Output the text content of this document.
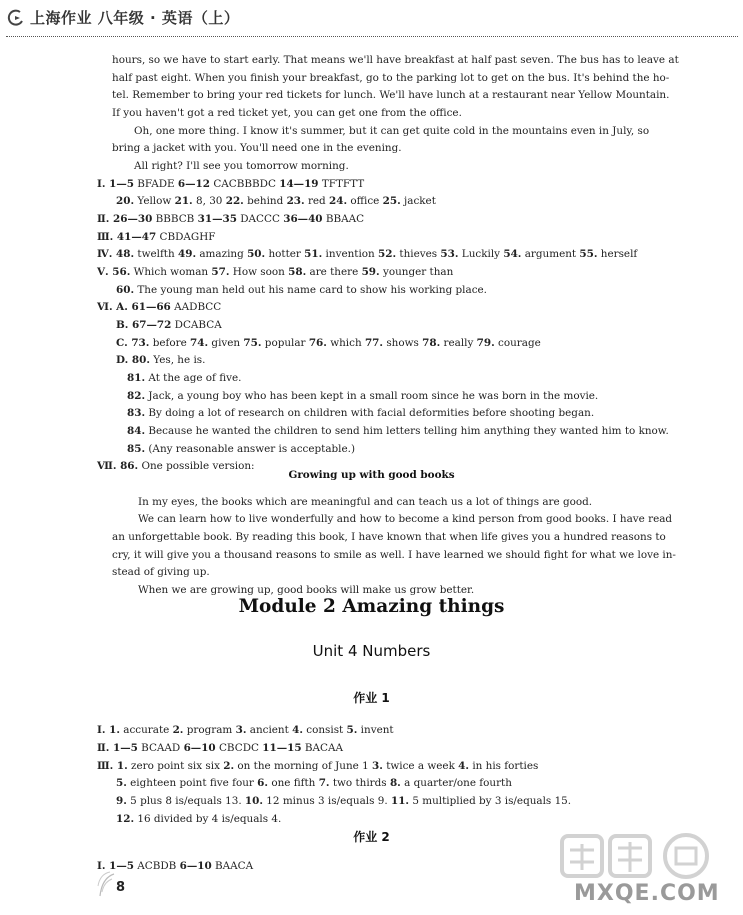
上海作业 八年级 · 英语（上）
hours, so we have to start early. That means we'll have breakfast at half past seven. The bus has to leave at
half past eight. When you finish your breakfast, go to the parking lot to get on the bus. It's behind the ho-
tel. Remember to bring your red tickets for lunch. We'll have lunch at a restaurant near Yellow Mountain.
If you haven't got a red ticket yet, you can get one from the office.
Oh, one more thing. I know it's summer, but it can get quite cold in the mountains even in July, so
bring a jacket with you. You'll need one in the evening.
All right? I'll see you tomorrow morning.
Ⅰ. 1—5 BFADE 6—12 CACBBBDC 14—19 TFTFTT
20. Yellow 21. 8, 30 22. behind 23. red 24. office 25. jacket
Ⅱ. 26—30 BBBCB 31—35 DACCC 36—40 BBAAC
Ⅲ. 41—47 CBDAGHF
Ⅳ. 48. twelfth 49. amazing 50. hotter 51. invention 52. thieves 53. Luckily 54. argument 55. herself
Ⅴ. 56. Which woman 57. How soon 58. are there 59. younger than
60. The young man held out his name card to show his working place.
Ⅵ. A. 61—66 AADBCC
B. 67—72 DCABCA
C. 73. before 74. given 75. popular 76. which 77. shows 78. really 79. courage
D. 80. Yes, he is.
81. At the age of five.
82. Jack, a young boy who has been kept in a small room since he was born in the movie.
83. By doing a lot of research on children with facial deformities before shooting began.
84. Because he wanted the children to send him letters telling him anything they wanted him to know.
85. (Any reasonable answer is acceptable.)
Ⅶ. 86. One possible version:
In my eyes, the books which are meaningful and can teach us a lot of things are good.
We can learn how to live wonderfully and how to become a kind person from good books. I have read
an unforgettable book. By reading this book, I have known that when life gives you a hundred reasons to
cry, it will give you a thousand reasons to smile as well. I have learned we should fight for what we love in-
stead of giving up.
When we are growing up, good books will make us grow better.
Ⅰ. 1. accurate 2. program 3. ancient 4. consist 5. invent
Ⅱ. 1—5 BCAAD 6—10 CBCDC 11—15 BACAA
Ⅲ. 1. zero point six six 2. on the morning of June 1 3. twice a week 4. in his forties
5. eighteen point five four 6. one fifth 7. two thirds 8. a quarter/one fourth
9. 5 plus 8 is/equals 13. 10. 12 minus 3 is/equals 9. 11. 5 multiplied by 3 is/equals 15.
12. 16 divided by 4 is/equals 4.
Ⅰ. 1—5 ACBDB 6—10 BAACA
Growing up with good books
Module 2 Amazing things
Unit 4 Numbers
作业 1
作业 2
8	MXQE.COM
